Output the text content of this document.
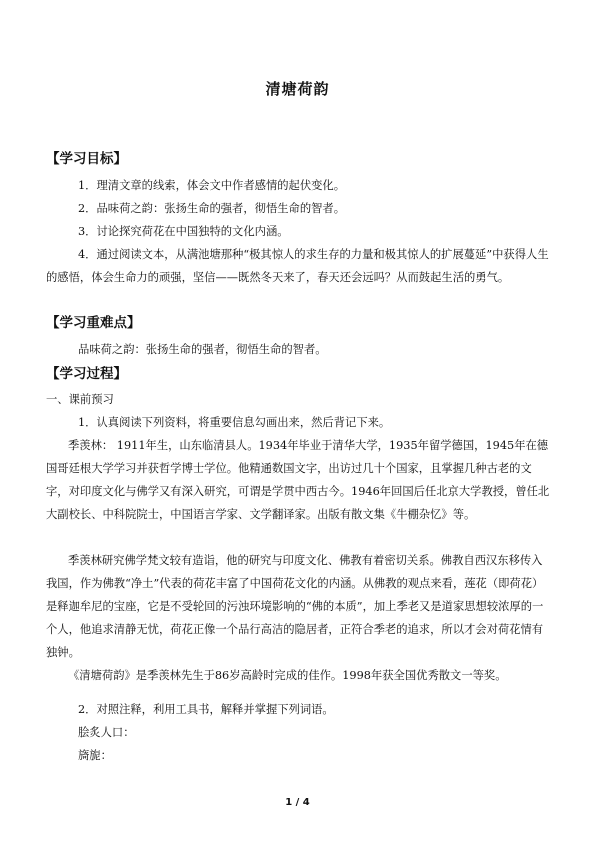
清塘荷韵
【学习目标】

1．理清文章的线索，体会文中作者感情的起伏变化。

2．品味荷之韵：张扬生命的强者，彻悟生命的智者。

3．讨论探究荷花在中国独特的文化内涵。

4．通过阅读文本，从满池塘那种“极其惊人的求生存的力量和极其惊人的扩展蔓延”中获得人生的感悟，体会生命力的顽强，坚信——既然冬天来了，春天还会远吗？从而鼓起生活的勇气。

【学习重难点】

品味荷之韵：张扬生命的强者，彻悟生命的智者。

【学习过程】

一、课前预习

1．认真阅读下列资料，将重要信息勾画出来，然后背记下来。

季羡林： 1911年生，山东临清县人。1934年毕业于清华大学，1935年留学德国，1945年在德国哥廷根大学学习并获哲学博士学位。他精通数国文字，出访过几十个国家，且掌握几种古老的文字，对印度文化与佛学又有深入研究，可谓是学贯中西古今。1946年回国后任北京大学教授，曾任北大副校长、中科院院士，中国语言学家、文学翻译家。出版有散文集《牛棚杂忆》等。

季羡林研究佛学梵文较有造诣，他的研究与印度文化、佛教有着密切关系。佛教自西汉东移传入我国，作为佛教“净土”代表的荷花丰富了中国荷花文化的内涵。从佛教的观点来看，莲花（即荷花）是释迦牟尼的宝座，它是不受轮回的污浊环境影响的“佛的本质”，加上季老又是道家思想较浓厚的一个人，他追求清静无忧，荷花正像一个品行高洁的隐居者，正符合季老的追求，所以才会对荷花情有独钟。

《清塘荷韵》是季羡林先生于86岁高龄时完成的佳作。1998年获全国优秀散文一等奖。

2．对照注释，利用工具书，解释并掌握下列词语。

脍炙人口：

旖旎：

1 / 4
